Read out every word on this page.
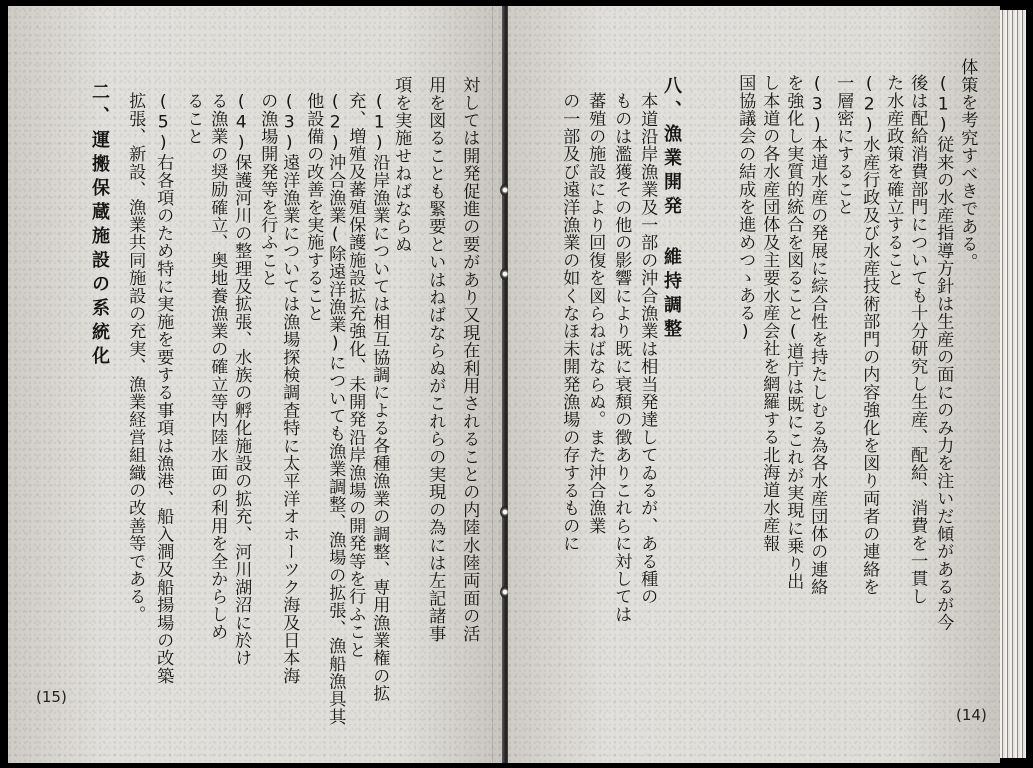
対しては開発促進の要があり又現在利用されることの内陸水陸両面の活
用を図ることも緊要といはねばならぬがこれらの実現の為には左記諸事
項を実施せねばならぬ
(1)沿岸漁業については相互協調による各種漁業の調整、専用漁業権の拡
充、増殖及蕃殖保護施設拡充強化、未開発沿岸漁場の開発等を行ふこと
(2)沖合漁業(除遠洋漁業)についても漁業調整、漁場の拡張、漁船漁具其
他設備の改善を実施すること
(3)遠洋漁業については漁場探検調査特に太平洋オホーツク海及日本海
の漁場開発等を行ふこと
(4)保護河川の整理及拡張、水族の孵化施設の拡充、河川湖沼に於け
る漁業の奨励確立、奥地養漁業の確立等内陸水面の利用を全からしめ
ること
(5)右各項のため特に実施を要する事項は漁港、船入澗及船揚場の改築
拡張、新設、漁業共同施設の充実、漁業経営組織の改善等である。
二、運搬保蔵施設の系統化
(15)
体策を考究すべきである。
(1)従来の水産指導方針は生産の面にのみ力を注いだ傾があるが今
後は配給消費部門についても十分研究し生産、配給、消費を一貫し
た水産政策を確立すること
(2)水産行政及び水産技術部門の内容強化を図り両者の連絡を
一層密にすること
(3)本道水産の発展に綜合性を持たしむる為各水産団体の連絡
を強化し実質的統合を図ること(道庁は既にこれが実現に乗り出
し本道の各水産団体及主要水産会社を網羅する北海道水産報
国協議会の結成を進めつゝある)
八、漁業開発 維持調整
本道沿岸漁業及一部の沖合漁業は相当発達してゐるが、ある種の
ものは濫獲その他の影響により既に衰頽の徴ありこれらに対しては
蕃殖の施設により回復を図らねばならぬ。また沖合漁業
の一部及び遠洋漁業の如くなほ未開発漁場の存するものに
(14)
